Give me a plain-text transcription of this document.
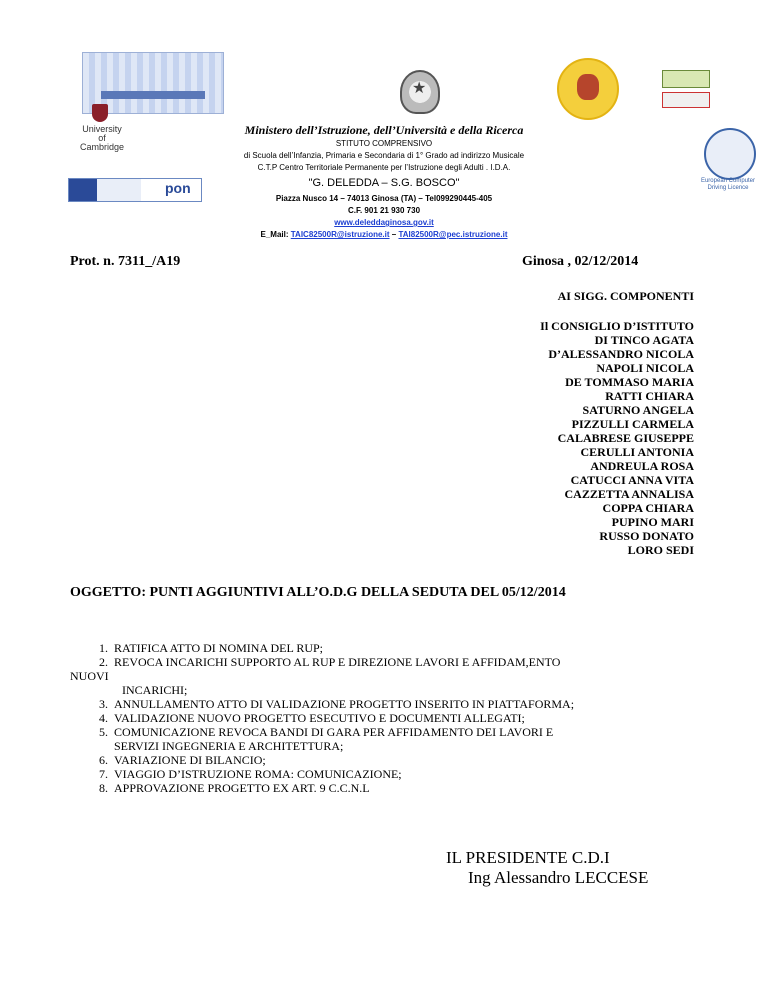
★
University of Cambridge
European Computer Driving Licence
pon
Ministero dell’Istruzione, dell’Università e della Ricerca
STITUTO COMPRENSIVO
di Scuola dell’Infanzia, Primaria e Secondaria di 1° Grado ad indirizzo Musicale
C.T.P Centro Territoriale Permanente per l’Istruzione degli Adulti . I.D.A.
"G. DELEDDA – S.G. BOSCO"
Piazza Nusco 14 – 74013 Ginosa (TA) – Tel099290445-405
C.F. 901 21 930 730
www.deleddaginosa.gov.it
E_Mail: TAIC82500R@istruzione.it – TAI82500R@pec.istruzione.it
Prot. n. 7311_/A19	Ginosa , 02/12/2014
AI SIGG. COMPONENTI
Il CONSIGLIO D’ISTITUTO
DI TINCO AGATA
D’ALESSANDRO NICOLA
NAPOLI NICOLA
DE TOMMASO MARIA
RATTI CHIARA
SATURNO ANGELA
PIZZULLI CARMELA
CALABRESE GIUSEPPE
CERULLI ANTONIA
ANDREULA ROSA
CATUCCI ANNA VITA
CAZZETTA ANNALISA
COPPA CHIARA
PUPINO MARI
RUSSO DONATO
LORO SEDI
OGGETTO: PUNTI AGGIUNTIVI ALL’O.D.G DELLA SEDUTA DEL 05/12/2014
1. RATIFICA ATTO DI NOMINA DEL RUP;
2. REVOCA INCARICHI SUPPORTO AL RUP E DIREZIONE LAVORI E AFFIDAM,ENTO
NUOVI
INCARICHI;
3. ANNULLAMENTO ATTO DI VALIDAZIONE PROGETTO INSERITO IN PIATTAFORMA;
4. VALIDAZIONE NUOVO PROGETTO ESECUTIVO E DOCUMENTI ALLEGATI;
5. COMUNICAZIONE REVOCA BANDI DI GARA PER AFFIDAMENTO DEI LAVORI E
SERVIZI INGEGNERIA E ARCHITETTURA;
6. VARIAZIONE DI BILANCIO;
7. VIAGGIO D’ISTRUZIONE ROMA: COMUNICAZIONE;
8. APPROVAZIONE PROGETTO EX ART. 9 C.C.N.L
IL PRESIDENTE C.D.I
Ing Alessandro LECCESE
